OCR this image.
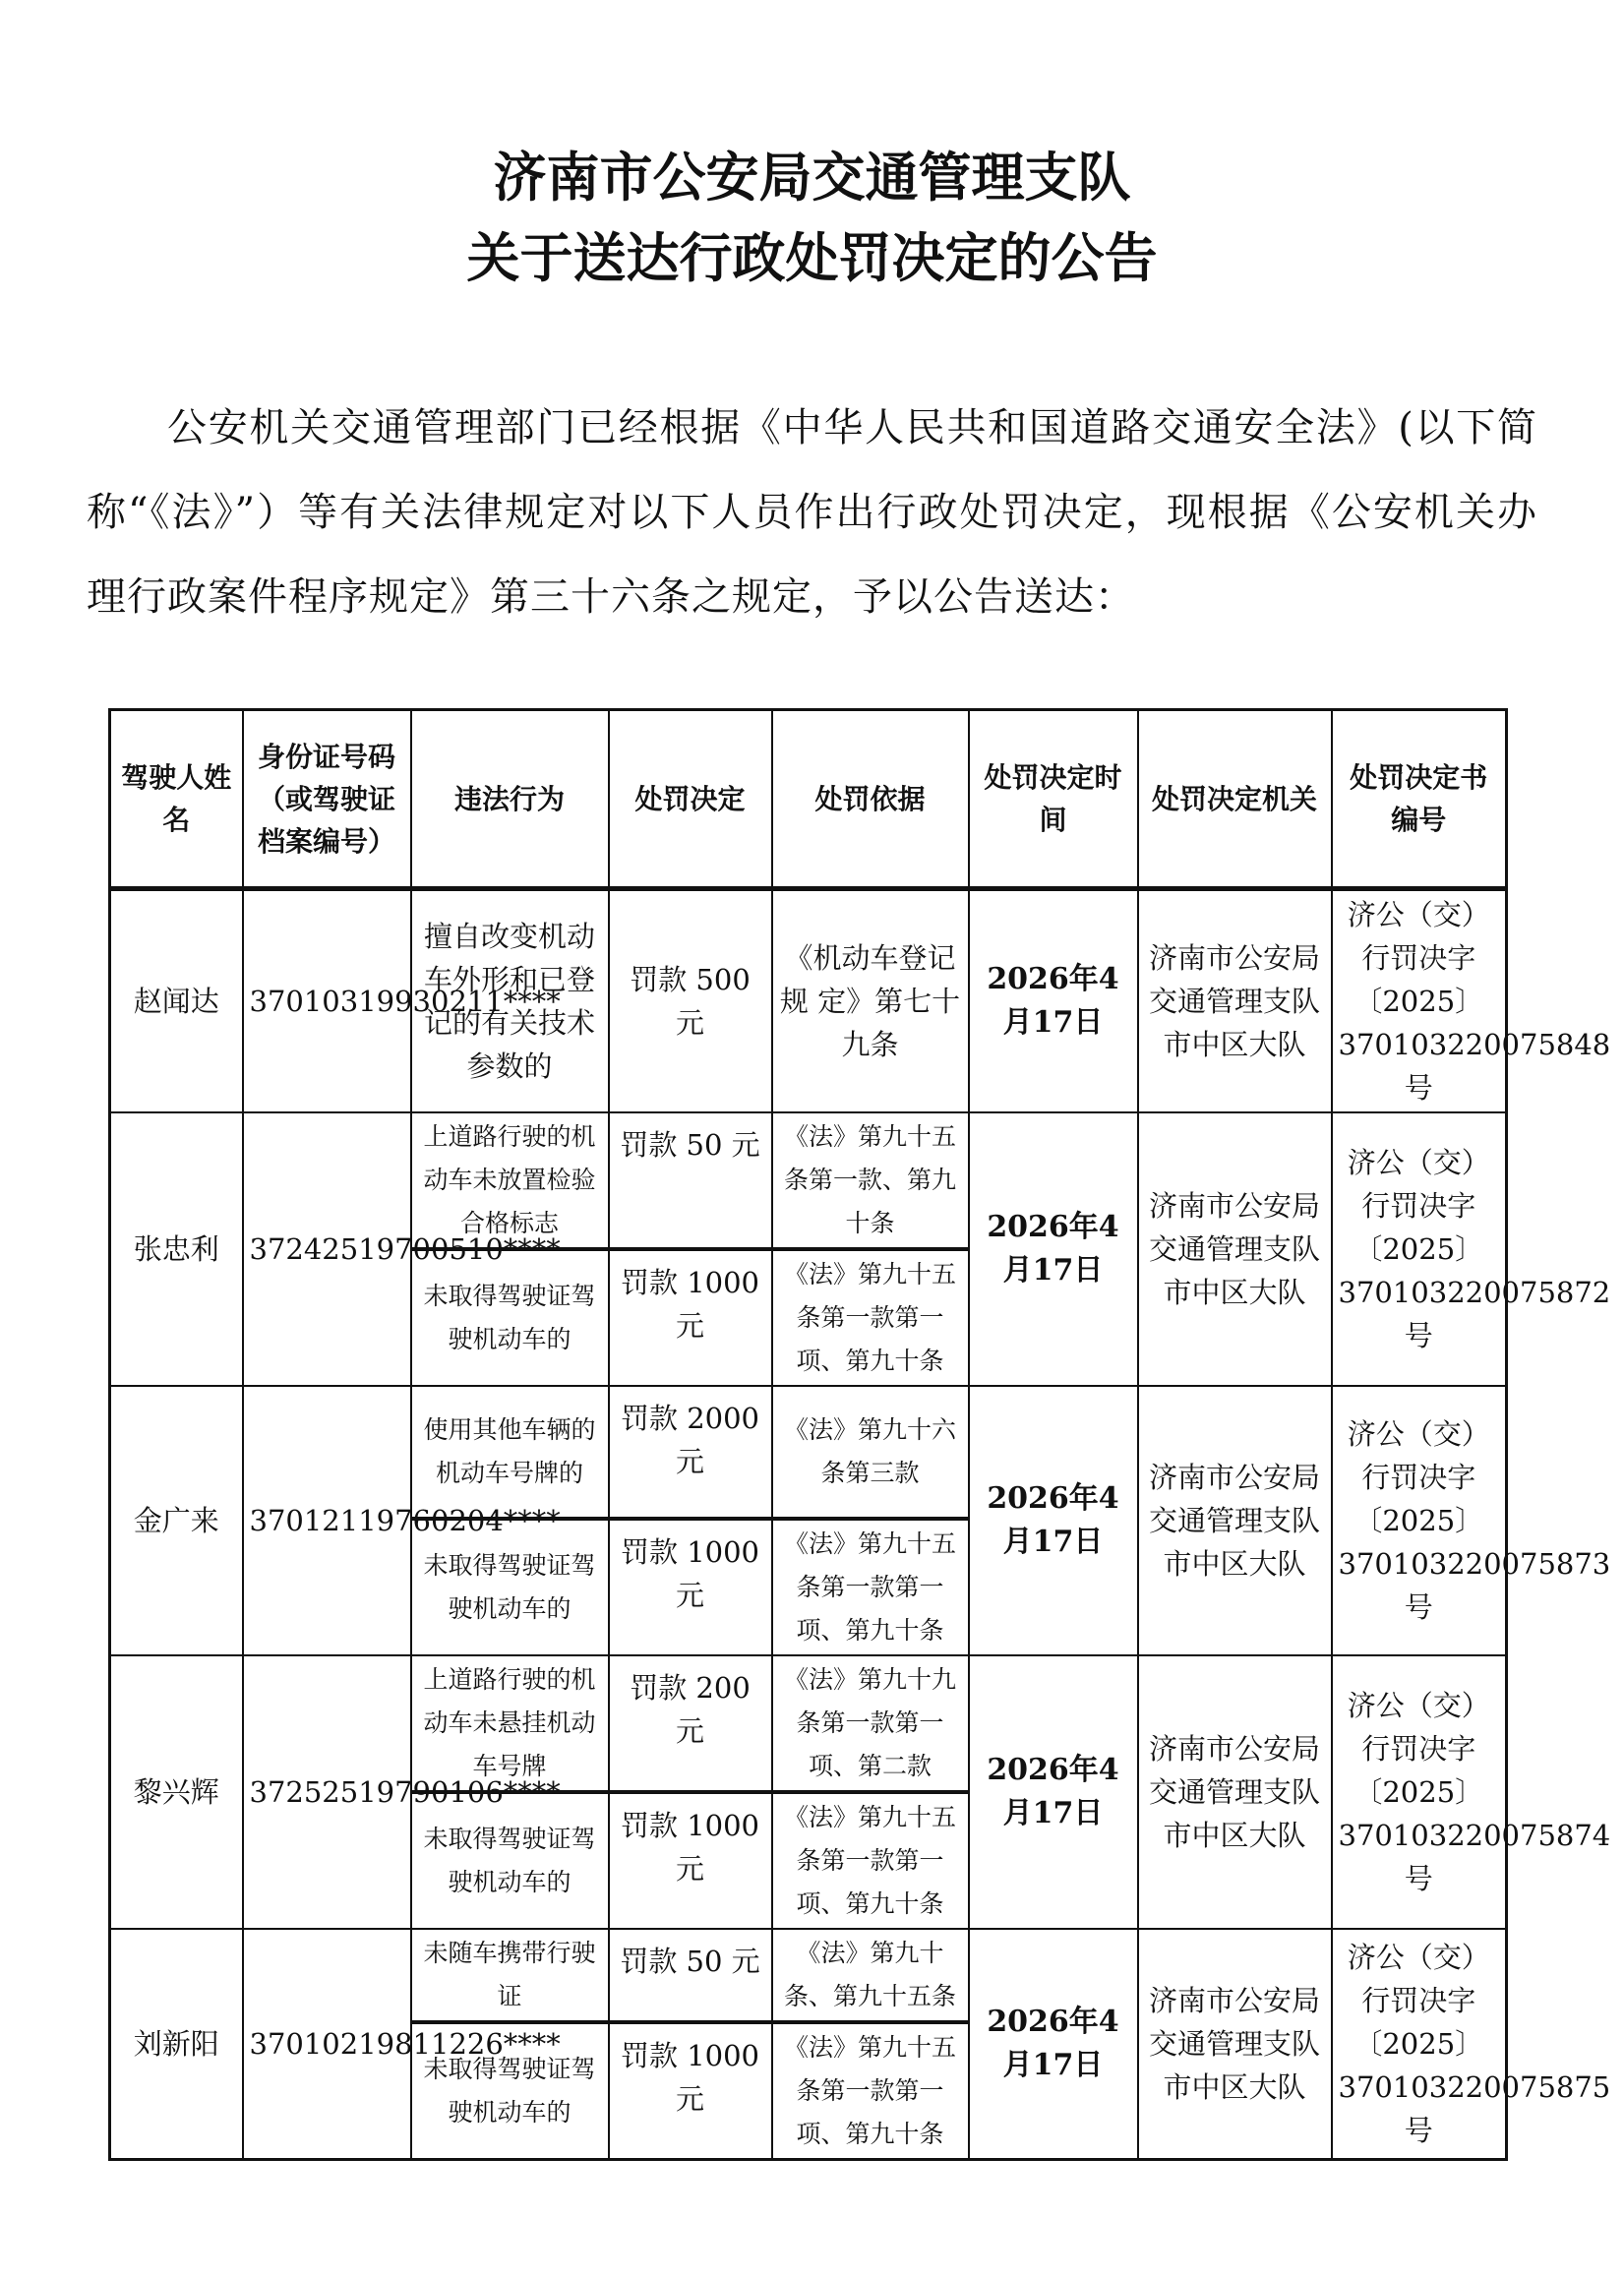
济南市公安局交通管理支队
关于送达行政处罚决定的公告
公安机关交通管理部门已经根据《中华人民共和国道路交通安全法》(以下简称“《法》”）等有关法律规定对以下人员作出行政处罚决定，现根据《公安机关办理行政案件程序规定》第三十六条之规定，予以公告送达：
驾驶人姓名	身份证号码（或驾驶证档案编号）	违法行为	处罚决定	处罚依据	处罚决定时间	处罚决定机关	处罚决定书编号
赵闻达	37010319930211****	擅自改变机动车外形和已登记的有关技术参数的	罚款 500 元	《机动车登记规 定》第七十九条	2026年4月17日	济南市公安局交通管理支队市中区大队	济公（交）行罚决字〔2025〕370103220075848号
张忠利	37242519700510****	上道路行驶的机动车未放置检验合格标志	罚款 50 元	《法》第九十五条第一款、第九十条	2026年4月17日	济南市公安局交通管理支队市中区大队	济公（交）行罚决字〔2025〕370103220075872号
		未取得驾驶证驾驶机动车的	罚款 1000 元	《法》第九十五条第一款第一项、第九十条			
金广来	37012119760204****	使用其他车辆的机动车号牌的	罚款 2000 元	《法》第九十六条第三款	2026年4月17日	济南市公安局交通管理支队市中区大队	济公（交）行罚决字〔2025〕370103220075873号
		未取得驾驶证驾驶机动车的	罚款 1000 元	《法》第九十五条第一款第一项、第九十条			
黎兴辉	37252519790106****	上道路行驶的机动车未悬挂机动车号牌	罚款 200 元	《法》第九十九条第一款第一项、第二款	2026年4月17日	济南市公安局交通管理支队市中区大队	济公（交）行罚决字〔2025〕370103220075874号
		未取得驾驶证驾驶机动车的	罚款 1000 元	《法》第九十五条第一款第一项、第九十条			
刘新阳	37010219811226****	未随车携带行驶证	罚款 50 元	《法》第九十条、第九十五条	2026年4月17日	济南市公安局交通管理支队市中区大队	济公（交）行罚决字〔2025〕370103220075875号
		未取得驾驶证驾驶机动车的	罚款 1000 元	《法》第九十五条第一款第一项、第九十条			
